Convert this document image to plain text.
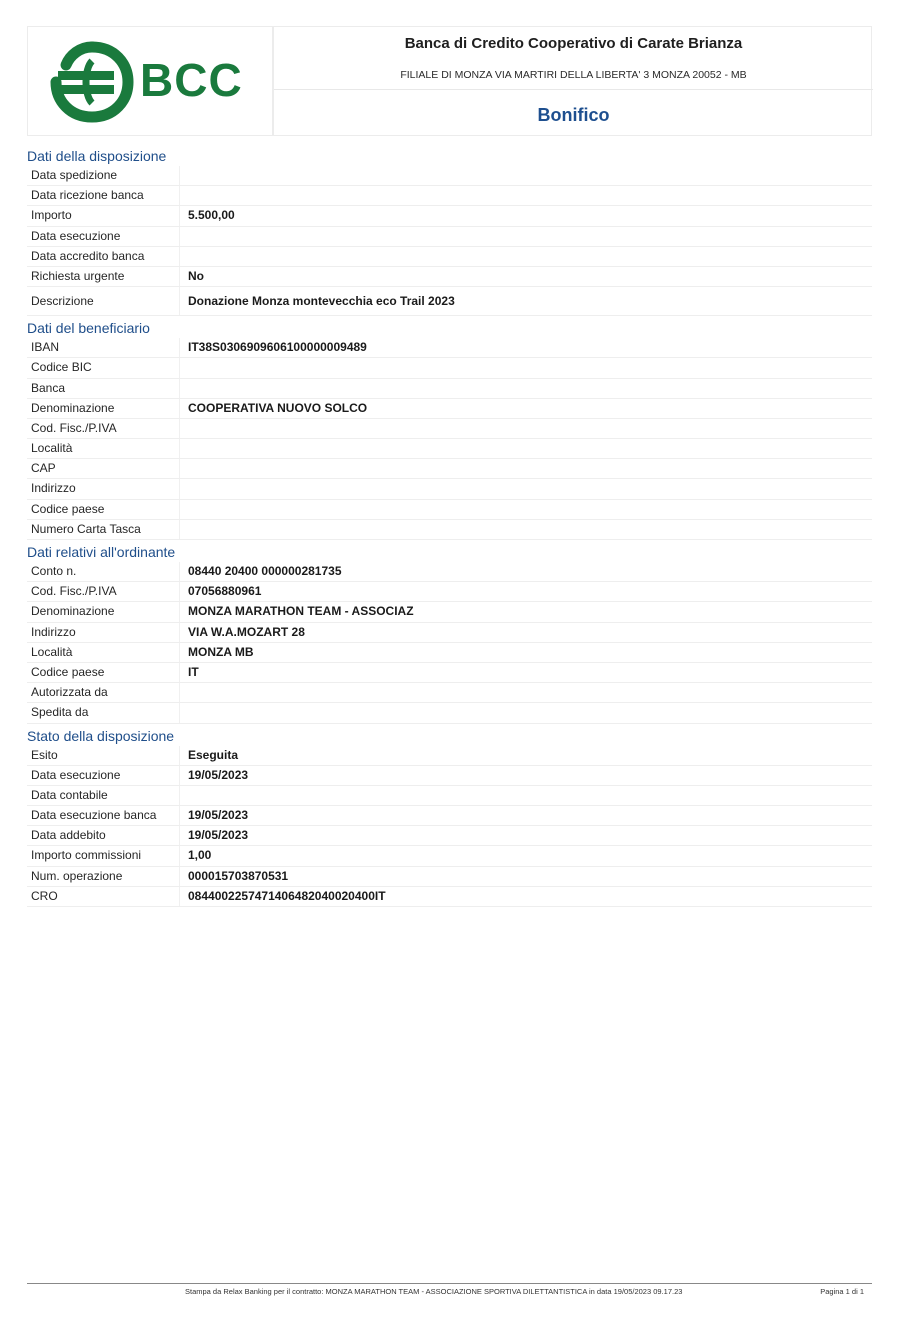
BCC
Banca di Credito Cooperativo di Carate Brianza
FILIALE DI MONZA VIA MARTIRI DELLA LIBERTA' 3 MONZA 20052 - MB
Bonifico
Dati della disposizione
Data spedizione
Data ricezione banca
Importo	5.500,00
Data esecuzione
Data accredito banca
Richiesta urgente	No
Descrizione	Donazione Monza montevecchia eco Trail 2023
Dati del beneficiario
IBAN	IT38S0306909606100000009489
Codice BIC
Banca
Denominazione	COOPERATIVA NUOVO SOLCO
Cod. Fisc./P.IVA
Località
CAP
Indirizzo
Codice paese
Numero Carta Tasca
Dati relativi all'ordinante
Conto n.	08440 20400 000000281735
Cod. Fisc./P.IVA	07056880961
Denominazione	MONZA MARATHON TEAM - ASSOCIAZ
Indirizzo	VIA W.A.MOZART 28
Località	MONZA MB
Codice paese	IT
Autorizzata da
Spedita da
Stato della disposizione
Esito	Eseguita
Data esecuzione	19/05/2023
Data contabile
Data esecuzione banca	19/05/2023
Data addebito	19/05/2023
Importo commissioni	1,00
Num. operazione	000015703870531
CRO	0844002257471406482040020400IT
Stampa da Relax Banking per il contratto: MONZA MARATHON TEAM - ASSOCIAZIONE SPORTIVA DILETTANTISTICA in data 19/05/2023 09.17.23	Pagina 1 di 1
